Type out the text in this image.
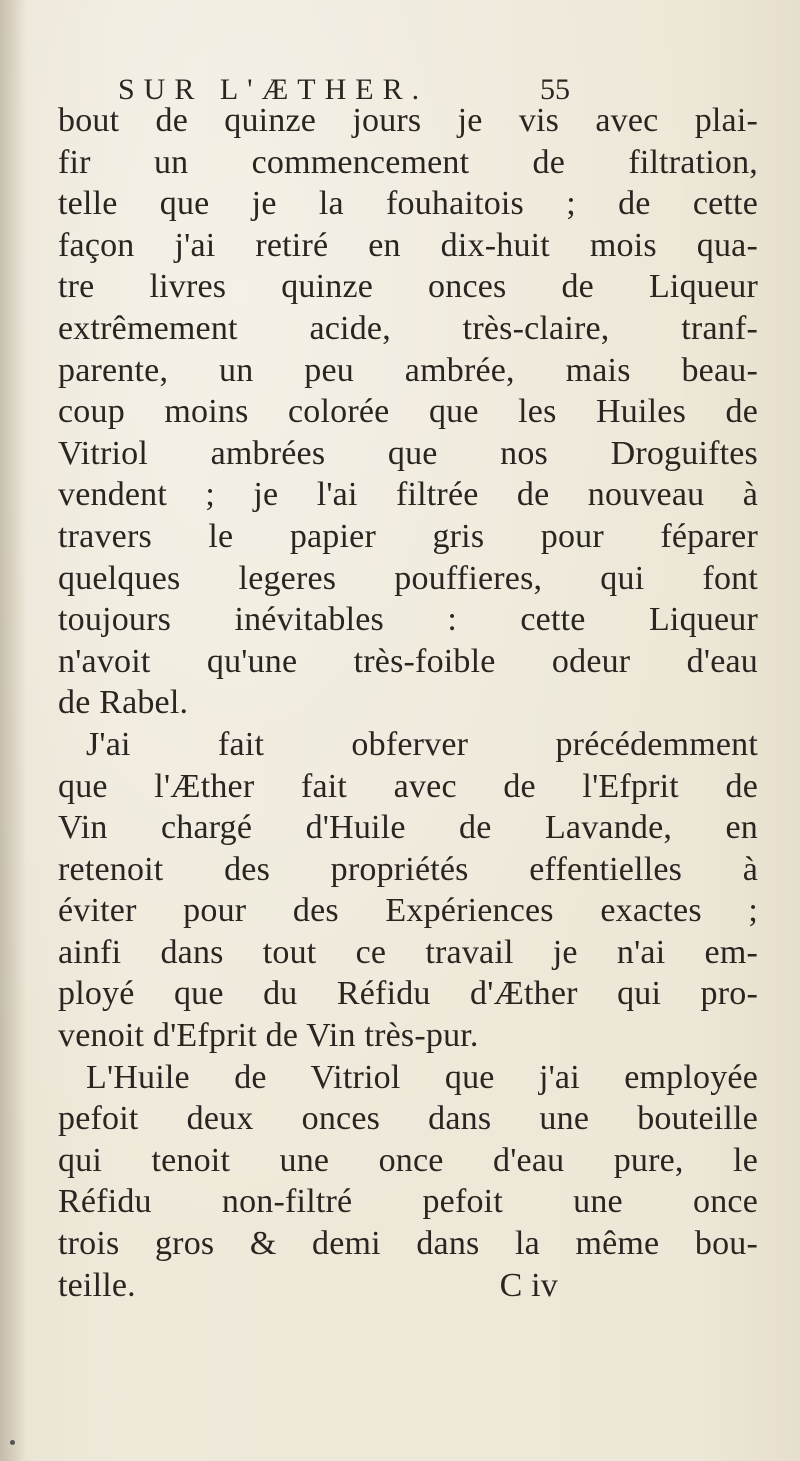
SUR L'ÆTHER.	55
bout de quinze jours je vis avec plai-
fir un commencement de filtration,
telle que je la fouhaitois ; de cette
façon j'ai retiré en dix-huit mois qua-
tre livres quinze onces de Liqueur
extrêmement acide, très-claire, tranf-
parente, un peu ambrée, mais beau-
coup moins colorée que les Huiles de
Vitriol ambrées que nos Droguiftes
vendent ; je l'ai filtrée de nouveau à
travers le papier gris pour féparer
quelques legeres pouffieres, qui font
toujours inévitables : cette Liqueur
n'avoit qu'une très-foible odeur d'eau
de Rabel.
J'ai fait obferver précédemment
que l'Æther fait avec de l'Efprit de
Vin chargé d'Huile de Lavande, en
retenoit des propriétés effentielles à
éviter pour des Expériences exactes ;
ainfi dans tout ce travail je n'ai em-
ployé que du Réfidu d'Æther qui pro-
venoit d'Efprit de Vin très-pur.
L'Huile de Vitriol que j'ai employée
pefoit deux onces dans une bouteille
qui tenoit une once d'eau pure, le
Réfidu non-filtré pefoit une once
trois gros & demi dans la même bou-
teille.	C iv
